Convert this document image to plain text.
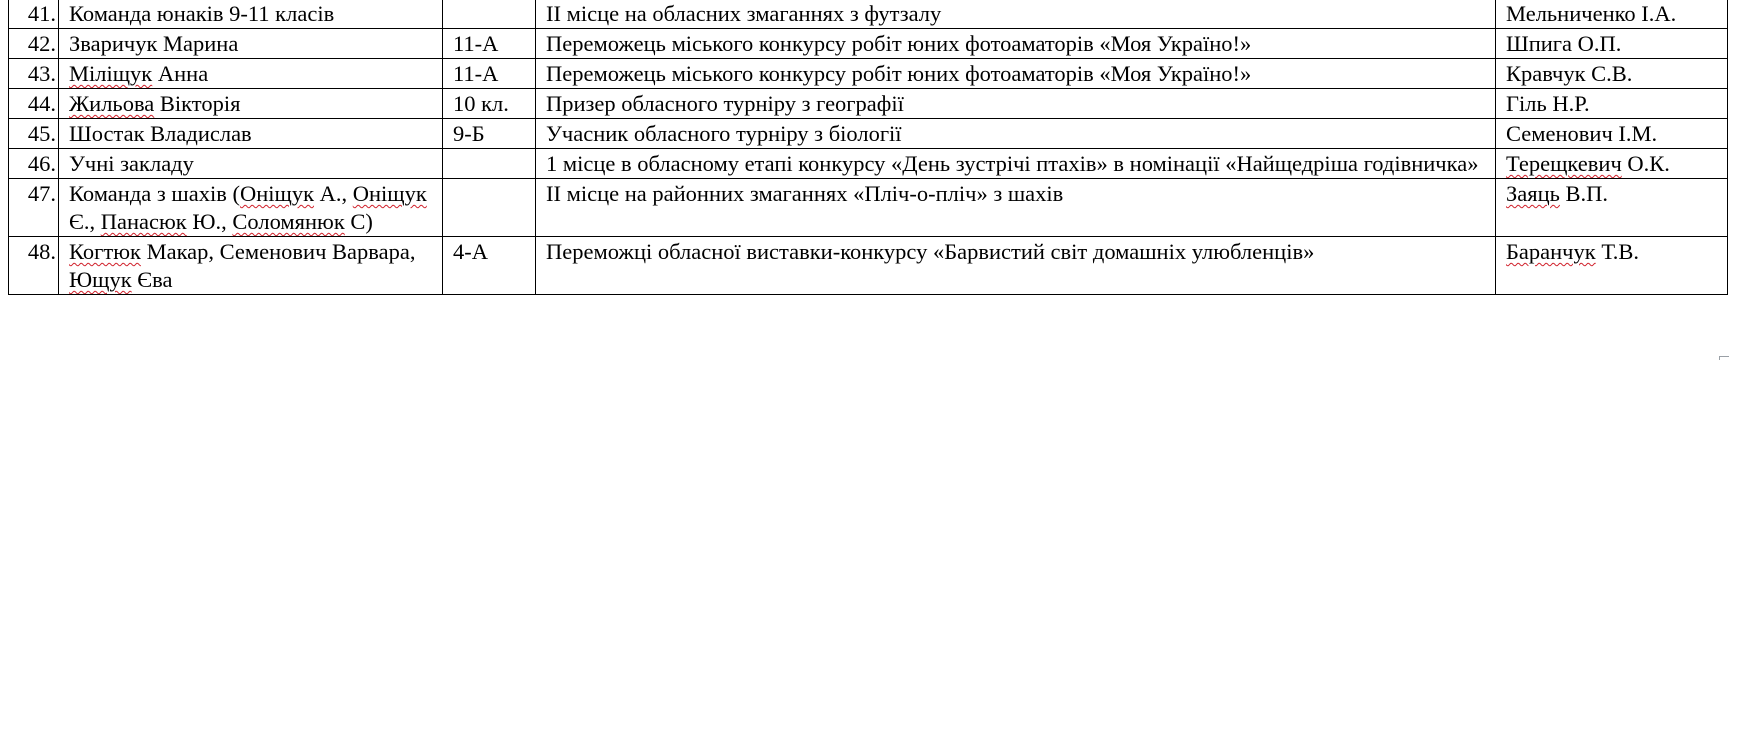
41.	Команда юнаків 9-11 класів		ІІ місце на обласних змаганнях з футзалу	Мельниченко І.А.
42.	Зваричук Марина	11-А	Переможець міського конкурсу робіт юних фотоаматорів «Моя Україно!»	Шпига О.П.
43.	Міліщук Анна	11-А	Переможець міського конкурсу робіт юних фотоаматорів «Моя Україно!»	Кравчук С.В.
44.	Жильова Вікторія	10 кл.	Призер обласного турніру з географії	Гіль Н.Р.
45.	Шостак Владислав	9-Б	Учасник обласного турніру з біології	Семенович І.М.
46.	Учні закладу		1 місце в обласному етапі конкурсу «День зустрічі птахів» в номінації «Найщедріша годівничка»	Терещкевич О.К.
47.	Команда з шахів (Оніщук А., Оніщук Є., Панасюк Ю., Соломянюк С)		ІІ місце на районних змаганнях «Пліч-о-пліч» з шахів	Заяць В.П.
48.	Когтюк Макар, Семенович Варвара, Ющук Єва	4-А	Переможці обласної виставки-конкурсу «Барвистий світ домашніх улюбленців»	Баранчук Т.В.
